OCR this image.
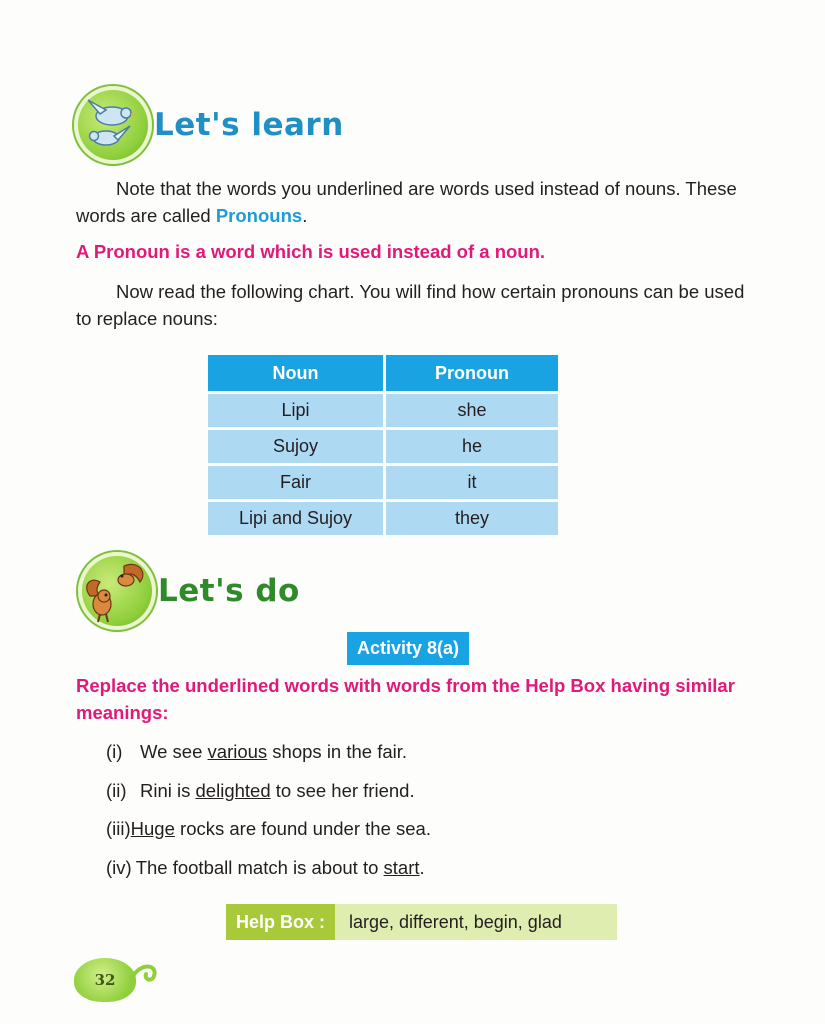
Let's learn

Note that the words you underlined are words used instead of nouns. These words are called Pronouns.

A Pronoun is a word which is used instead of a noun.

Now read the following chart. You will find how certain pronouns can be used to replace nouns:

Noun	Pronoun
Lipi	she
Sujoy	he
Fair	it
Lipi and Sujoy	they
Let's do
Activity 8(a)
Replace the underlined words with words from the Help Box having similar meanings:
(i) We see various shops in the fair.
(ii) Rini is delighted to see her friend.
(iii)Huge rocks are found under the sea.
(iv) The football match is about to start.
Help Box :	large, different, begin, glad
32
